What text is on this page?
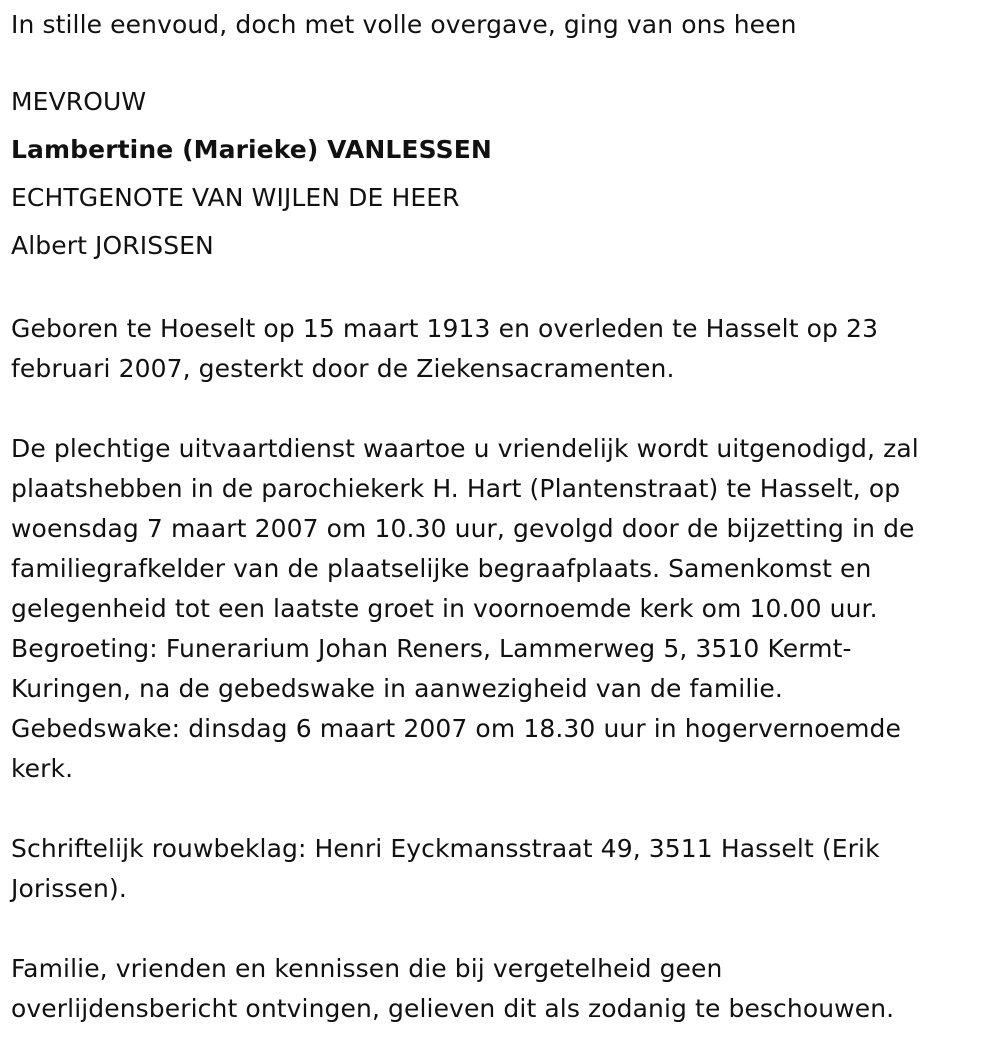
In stille eenvoud, doch met volle overgave, ging van ons heen
MEVROUW
Lambertine (Marieke) VANLESSEN
ECHTGENOTE VAN WIJLEN DE HEER
Albert JORISSEN
Geboren te Hoeselt op 15 maart 1913 en overleden te Hasselt op 23
februari 2007, gesterkt door de Ziekensacramenten.
De plechtige uitvaartdienst waartoe u vriendelijk wordt uitgenodigd, zal
plaatshebben in de parochiekerk H. Hart (Plantenstraat) te Hasselt, op
woensdag 7 maart 2007 om 10.30 uur, gevolgd door de bijzetting in de
familiegrafkelder van de plaatselijke begraafplaats. Samenkomst en
gelegenheid tot een laatste groet in voornoemde kerk om 10.00 uur.
Begroeting: Funerarium Johan Reners, Lammerweg 5, 3510 Kermt-
Kuringen, na de gebedswake in aanwezigheid van de familie.
Gebedswake: dinsdag 6 maart 2007 om 18.30 uur in hogervernoemde
kerk.
Schriftelijk rouwbeklag: Henri Eyckmansstraat 49, 3511 Hasselt (Erik
Jorissen).
Familie, vrienden en kennissen die bij vergetelheid geen
overlijdensbericht ontvingen, gelieven dit als zodanig te beschouwen.
